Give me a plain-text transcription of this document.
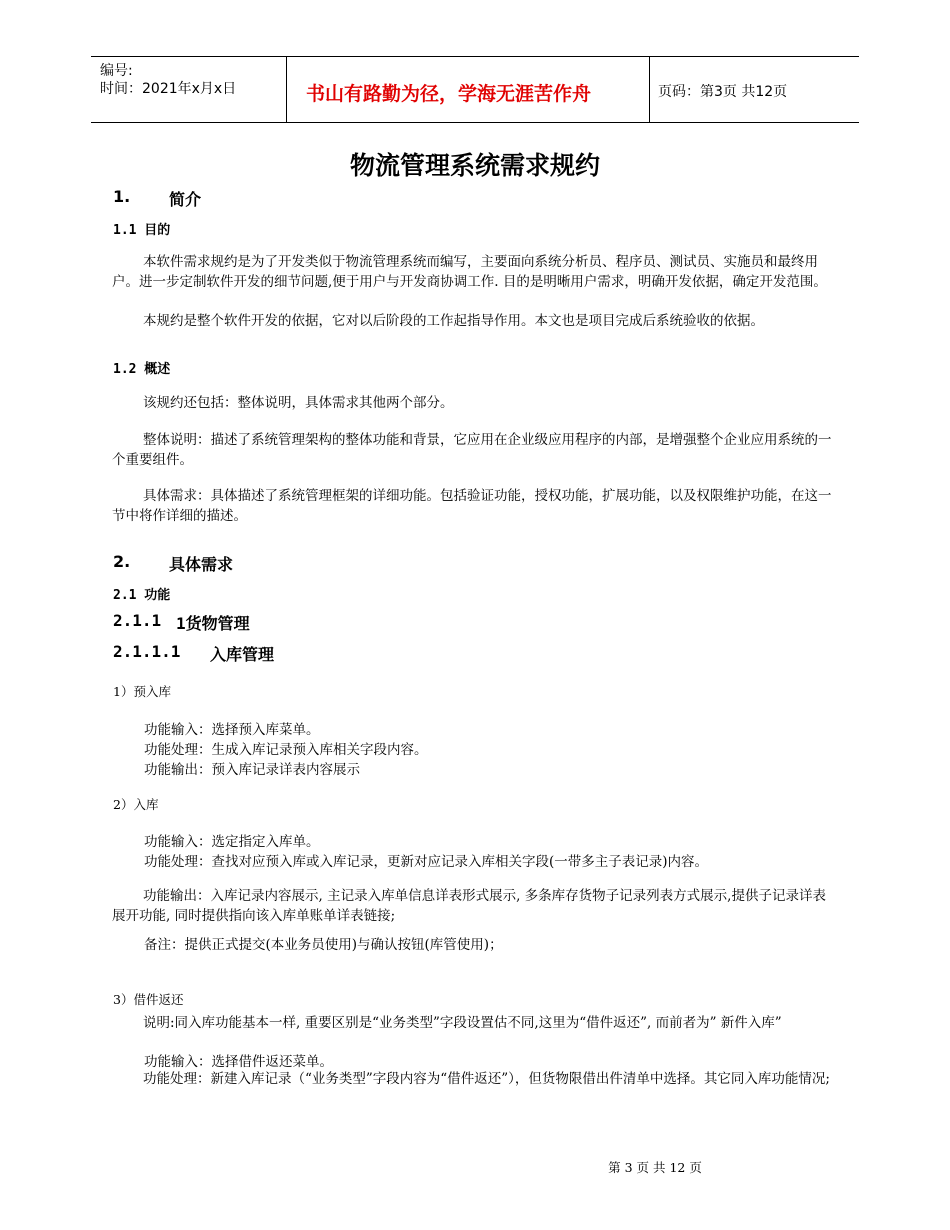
编号:
时间：2021年x月x日	书山有路勤为径，学海无涯苦作舟	页码：第3页 共12页
物流管理系统需求规约
1. 简介
1.1 目的
本软件需求规约是为了开发类似于物流管理系统而编写，主要面向系统分析员、程序员、测试员、实施员和最终用户。进一步定制软件开发的细节问题,便于用户与开发商协调工作. 目的是明晰用户需求，明确开发依据，确定开发范围。
本规约是整个软件开发的依据，它对以后阶段的工作起指导作用。本文也是项目完成后系统验收的依据。
1.2 概述
该规约还包括：整体说明，具体需求其他两个部分。
整体说明：描述了系统管理架构的整体功能和背景，它应用在企业级应用程序的内部，是增强整个企业应用系统的一个重要组件。
具体需求：具体描述了系统管理框架的详细功能。包括验证功能，授权功能，扩展功能，以及权限维护功能，在这一节中将作详细的描述。
2. 具体需求
2.1 功能
2.1.1 1货物管理
2.1.1.1 入库管理
1）预入库
功能输入：选择预入库菜单。
功能处理：生成入库记录预入库相关字段内容。
功能输出：预入库记录详表内容展示
2）入库
功能输入：选定指定入库单。
功能处理：查找对应预入库或入库记录，更新对应记录入库相关字段(一带多主子表记录)内容。
功能输出：入库记录内容展示, 主记录入库单信息详表形式展示, 多条库存货物子记录列表方式展示,提供子记录详表展开功能, 同时提供指向该入库单账单详表链接;
备注：提供正式提交(本业务员使用)与确认按钮(库管使用)；
3）借件返还
说明:同入库功能基本一样, 重要区别是“业务类型”字段设置估不同,这里为“借件返还”, 而前者为” 新件入库”
功能输入：选择借件返还菜单。
功能处理：新建入库记录（“业务类型”字段内容为“借件返还”），但货物限借出件清单中选择。其它同入库功能情况;
第 3 页 共 12 页
